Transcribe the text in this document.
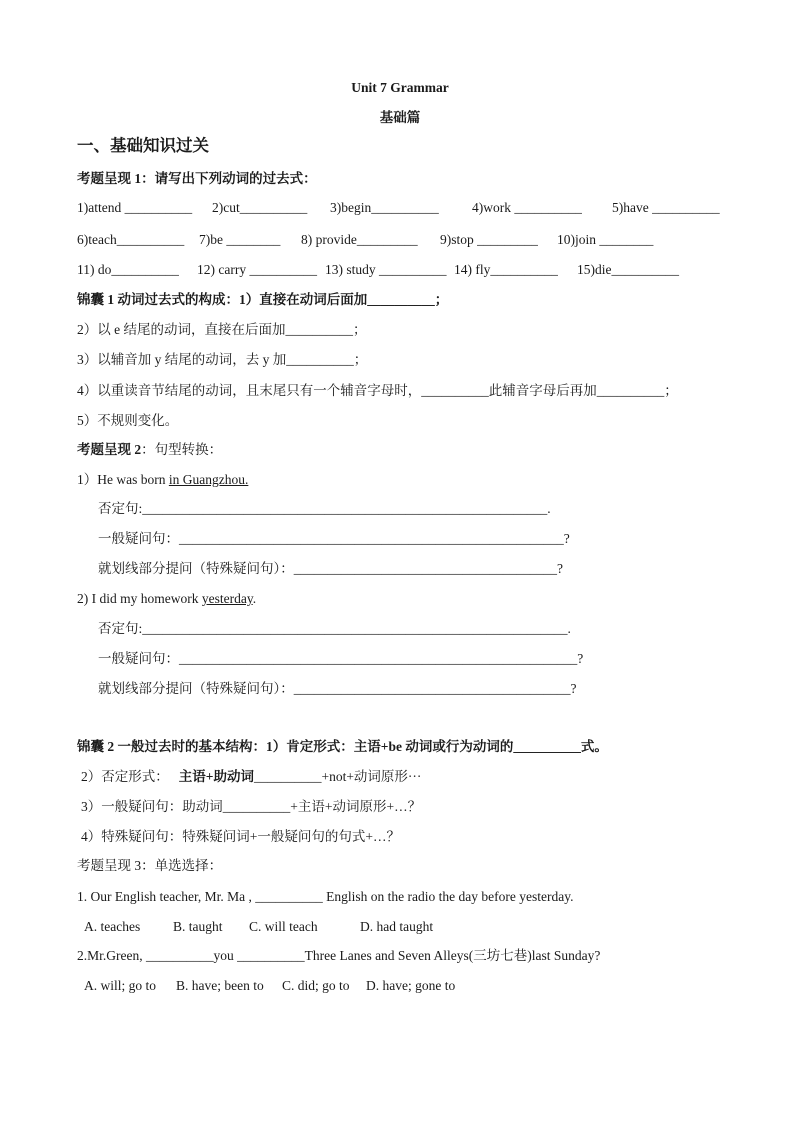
Unit 7 Grammar
基础篇
一、基础知识过关
考题呈现 1：请写出下列动词的过去式：
1)attend __________ 2)cut__________ 3)begin__________ 4)work __________ 5)have __________
6)teach__________ 7)be ________ 8) provide_________ 9)stop _________ 10)join ________
11) do__________ 12) carry __________ 13) study __________ 14) fly__________ 15)die__________
锦囊 1 动词过去式的构成：1）直接在动词后面加__________；
2）以 e 结尾的动词，直接在后面加__________；
3）以辅音加 y 结尾的动词，去 y 加__________；
4）以重读音节结尾的动词，且末尾只有一个辅音字母时，__________此辅音字母后再加__________；
5）不规则变化。
考题呈现 2：句型转换：
1）He was born in Guangzhou.
否定句:____________________________________________________________.
一般疑问句：_________________________________________________________?
就划线部分提问（特殊疑问句）：_______________________________________?
2) I did my homework yesterday.
否定句:_______________________________________________________________.
一般疑问句：___________________________________________________________?
就划线部分提问（特殊疑问句）：_________________________________________?
锦囊 2 一般过去时的基本结构：1）肯定形式：主语+be 动词或行为动词的__________式。
2）否定形式： 主语+助动词__________+not+动词原形···
3）一般疑问句：助动词__________+主语+动词原形+…？
4）特殊疑问句：特殊疑问词+一般疑问句的句式+…？
考题呈现 3：单选选择：
1. Our English teacher, Mr. Ma , __________ English on the radio the day before yesterday.
A. teaches B. taught C. will teach	D. had taught
2.Mr.Green, __________you __________Three Lanes and Seven Alleys(三坊七巷)last Sunday?
A. will; go to B. have; been to C. did; go to D. have; gone to
